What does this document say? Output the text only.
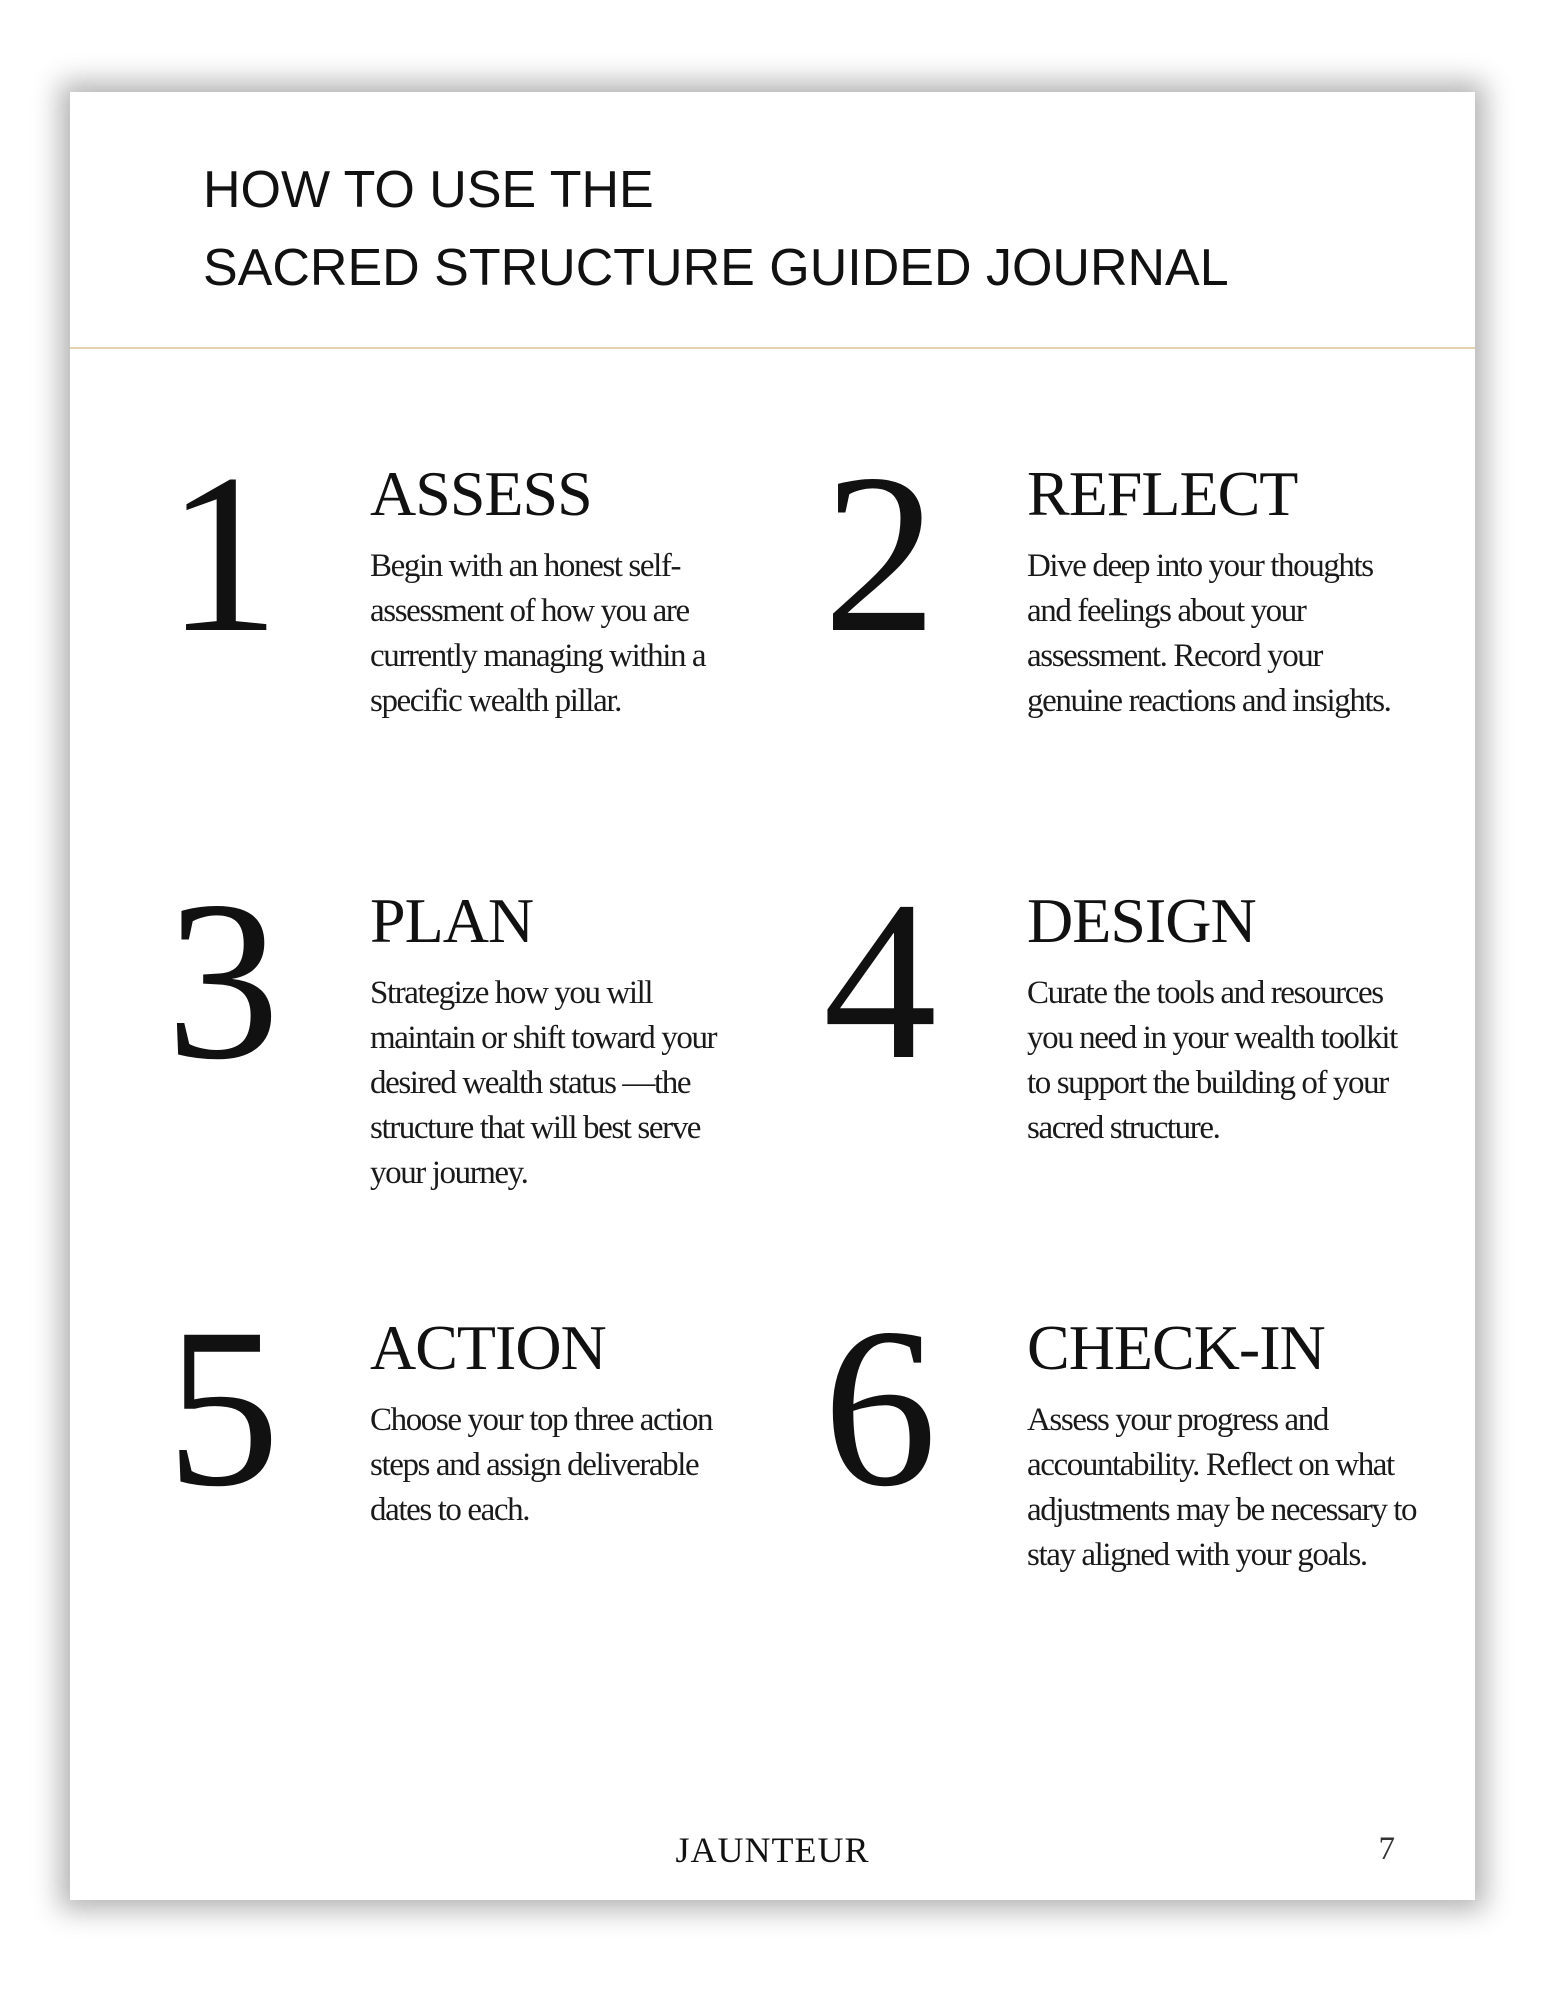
HOW TO USE THE
SACRED STRUCTURE GUIDED JOURNAL
1 ASSESS
Begin with an honest self-assessment of how you are currently managing within a specific wealth pillar.
2 REFLECT
Dive deep into your thoughts and feelings about your assessment. Record your genuine reactions and insights.
3 PLAN
Strategize how you will maintain or shift toward your desired wealth status —the structure that will best serve your journey.
4 DESIGN
Curate the tools and resources you need in your wealth toolkit to support the building of your sacred structure.
5 ACTION
Choose your top three action steps and assign deliverable dates to each.	6 CHECK-IN
Assess your progress and accountability. Reflect on what adjustments may be necessary to stay aligned with your goals.
JAUNTEUR	7
